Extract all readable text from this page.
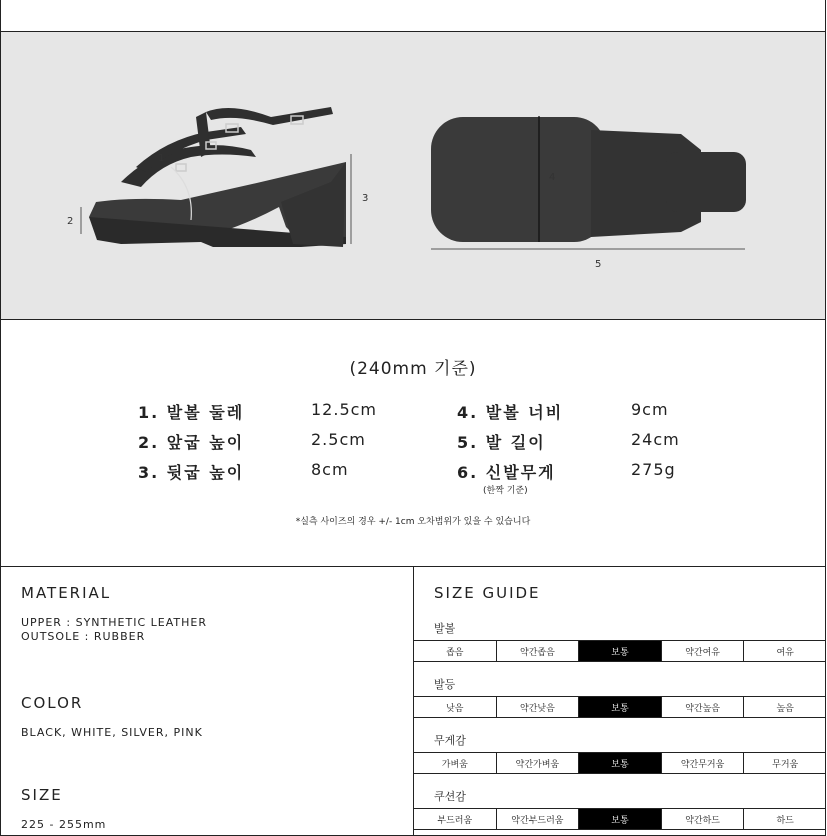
1
2
3
4
5
(240mm 기준)
1. 발볼 둘레	12.5cm
2. 앞굽 높이	2.5cm
3. 뒷굽 높이	8cm
4. 발볼 너비	9cm
5. 발 길이	24cm
6. 신발무게	275g
(한짝 기준)
*실측 사이즈의 경우 +/- 1cm 오차범위가 있을 수 있습니다
MATERIAL
UPPER : SYNTHETIC LEATHER
OUTSOLE : RUBBER
COLOR
BLACK, WHITE, SILVER, PINK
SIZE
225 - 255mm
SIZE GUIDE
발볼
좁음	약간좁음	보통	약간여유	여유
발등
낮음	약간낮음	보통	약간높음	높음
무게감
가벼움	약간가벼움	보통	약간무거움	무거움
쿠션감
부드러움	약간부드러움	보통	약간하드	하드
